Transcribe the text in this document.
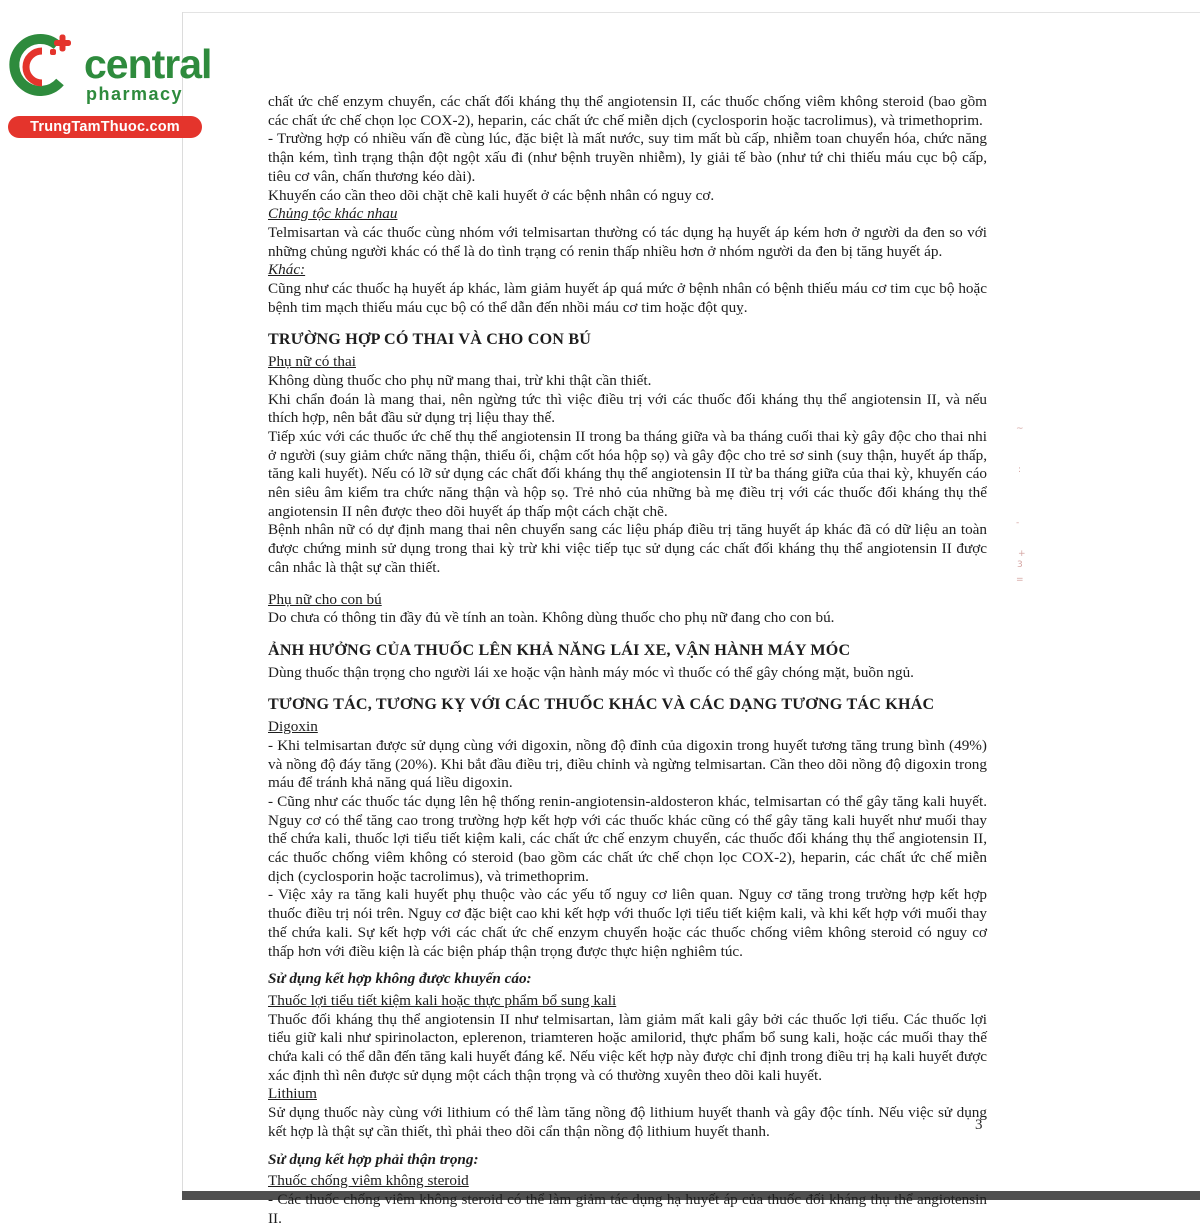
central
pharmacy
TrungTamThuoc.com
chất ức chế enzym chuyển, các chất đối kháng thụ thể angiotensin II, các thuốc chống viêm không steroid (bao gồm các chất ức chế chọn lọc COX-2), heparin, các chất ức chế miễn dịch (cyclosporin hoặc tacrolimus), và trimethoprim.
- Trường hợp có nhiều vấn đề cùng lúc, đặc biệt là mất nước, suy tim mất bù cấp, nhiễm toan chuyển hóa, chức năng thận kém, tình trạng thận đột ngột xấu đi (như bệnh truyền nhiễm), ly giải tế bào (như tứ chi thiếu máu cục bộ cấp, tiêu cơ vân, chấn thương kéo dài).
Khuyến cáo cần theo dõi chặt chẽ kali huyết ở các bệnh nhân có nguy cơ.
Chủng tộc khác nhau
Telmisartan và các thuốc cùng nhóm với telmisartan thường có tác dụng hạ huyết áp kém hơn ở người da đen so với những chủng người khác có thể là do tình trạng có renin thấp nhiều hơn ở nhóm người da đen bị tăng huyết áp.
Khác:
Cũng như các thuốc hạ huyết áp khác, làm giảm huyết áp quá mức ở bệnh nhân có bệnh thiếu máu cơ tim cục bộ hoặc bệnh tim mạch thiếu máu cục bộ có thể dẫn đến nhồi máu cơ tim hoặc đột quỵ.
TRƯỜNG HỢP CÓ THAI VÀ CHO CON BÚ
Phụ nữ có thai
Không dùng thuốc cho phụ nữ mang thai, trừ khi thật cần thiết.
Khi chẩn đoán là mang thai, nên ngừng tức thì việc điều trị với các thuốc đối kháng thụ thể angiotensin II, và nếu thích hợp, nên bắt đầu sử dụng trị liệu thay thế.
Tiếp xúc với các thuốc ức chế thụ thể angiotensin II trong ba tháng giữa và ba tháng cuối thai kỳ gây độc cho thai nhi ở người (suy giảm chức năng thận, thiểu ối, chậm cốt hóa hộp sọ) và gây độc cho trẻ sơ sinh (suy thận, huyết áp thấp, tăng kali huyết). Nếu có lỡ sử dụng các chất đối kháng thụ thể angiotensin II từ ba tháng giữa của thai kỳ, khuyến cáo nên siêu âm kiểm tra chức năng thận và hộp sọ. Trẻ nhỏ của những bà mẹ điều trị với các thuốc đối kháng thụ thể angiotensin II nên được theo dõi huyết áp thấp một cách chặt chẽ.
Bệnh nhân nữ có dự định mang thai nên chuyển sang các liệu pháp điều trị tăng huyết áp khác đã có dữ liệu an toàn được chứng minh sử dụng trong thai kỳ trừ khi việc tiếp tục sử dụng các chất đối kháng thụ thể angiotensin II được cân nhắc là thật sự cần thiết.
Phụ nữ cho con bú
Do chưa có thông tin đầy đủ về tính an toàn. Không dùng thuốc cho phụ nữ đang cho con bú.
ẢNH HƯỞNG CỦA THUỐC LÊN KHẢ NĂNG LÁI XE, VẬN HÀNH MÁY MÓC
Dùng thuốc thận trọng cho người lái xe hoặc vận hành máy móc vì thuốc có thể gây chóng mặt, buồn ngủ.
TƯƠNG TÁC, TƯƠNG KỴ VỚI CÁC THUỐC KHÁC VÀ CÁC DẠNG TƯƠNG TÁC KHÁC
Digoxin
- Khi telmisartan được sử dụng cùng với digoxin, nồng độ đỉnh của digoxin trong huyết tương tăng trung bình (49%) và nồng độ đáy tăng (20%). Khi bắt đầu điều trị, điều chỉnh và ngừng telmisartan. Cần theo dõi nồng độ digoxin trong máu để tránh khả năng quá liều digoxin.
- Cũng như các thuốc tác dụng lên hệ thống renin-angiotensin-aldosteron khác, telmisartan có thể gây tăng kali huyết. Nguy cơ có thể tăng cao trong trường hợp kết hợp với các thuốc khác cũng có thể gây tăng kali huyết như muối thay thế chứa kali, thuốc lợi tiểu tiết kiệm kali, các chất ức chế enzym chuyển, các thuốc đối kháng thụ thể angiotensin II, các thuốc chống viêm không có steroid (bao gồm các chất ức chế chọn lọc COX-2), heparin, các chất ức chế miễn dịch (cyclosporin hoặc tacrolimus), và trimethoprim.
- Việc xảy ra tăng kali huyết phụ thuộc vào các yếu tố nguy cơ liên quan. Nguy cơ tăng trong trường hợp kết hợp thuốc điều trị nói trên. Nguy cơ đặc biệt cao khi kết hợp với thuốc lợi tiểu tiết kiệm kali, và khi kết hợp với muối thay thế chứa kali. Sự kết hợp với các chất ức chế enzym chuyển hoặc các thuốc chống viêm không steroid có nguy cơ thấp hơn với điều kiện là các biện pháp thận trọng được thực hiện nghiêm túc.
Sử dụng kết hợp không được khuyến cáo:
Thuốc lợi tiểu tiết kiệm kali hoặc thực phẩm bổ sung kali
Thuốc đối kháng thụ thể angiotensin II như telmisartan, làm giảm mất kali gây bởi các thuốc lợi tiểu. Các thuốc lợi tiểu giữ kali như spirinolacton, eplerenon, triamteren hoặc amilorid, thực phẩm bổ sung kali, hoặc các muối thay thế chứa kali có thể dẫn đến tăng kali huyết đáng kể. Nếu việc kết hợp này được chỉ định trong điều trị hạ kali huyết được xác định thì nên được sử dụng một cách thận trọng và có thường xuyên theo dõi kali huyết.
Lithium
Sử dụng thuốc này cùng với lithium có thể làm tăng nồng độ lithium huyết thanh và gây độc tính. Nếu việc sử dụng kết hợp là thật sự cần thiết, thì phải theo dõi cẩn thận nồng độ lithium huyết thanh.
Sử dụng kết hợp phải thận trọng:
Thuốc chống viêm không steroid
- Các thuốc chống viêm không steroid có thể làm giảm tác dụng hạ huyết áp của thuốc đối kháng thụ thể angiotensin II.
~
:
-
+
3
=
3
